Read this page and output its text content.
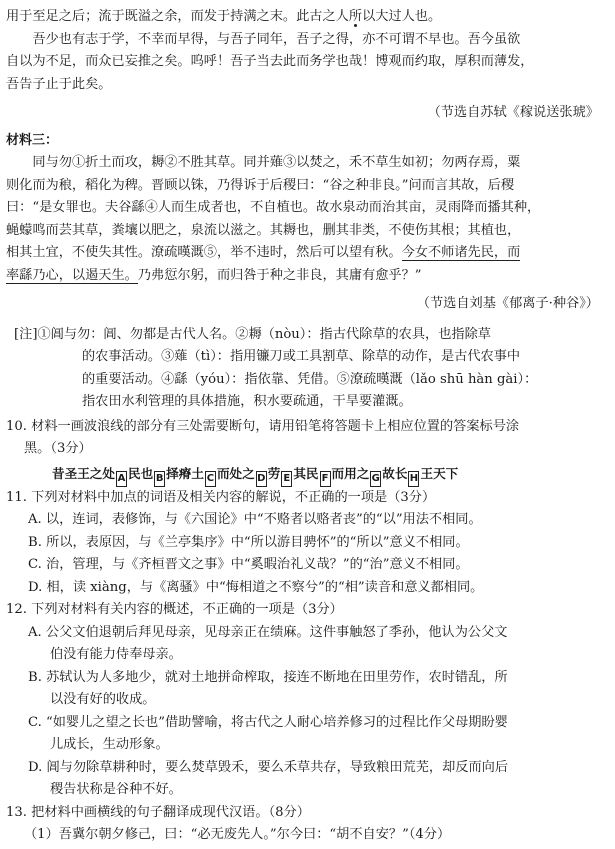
用于至足之后；流于既溢之余，而发于持满之末。此古之人所以大过人也。

吾少也有志于学，不幸而早得，与吾子同年，吾子之得，亦不可谓不早也。吾今虽欲

自以为不足，而众已妄推之矣。呜呼！吾子当去此而务学也哉！博观而约取，厚积而薄发，

吾告子止于此矣。

（节选自苏轼《稼说送张琥》

材料三：

同与勿①折土而攻，耨②不胜其草。同并薙③以焚之，禾不草生如初；勿两存焉，粟

则化而为稂，稻化为稗。晋顾以铢，乃得诉于后稷曰：“谷之种非良。”问而言其故，后稷

曰：“是女罪也。夫谷繇④人而生成者也，不自植也。故水泉动而治其亩，灵雨降而播其种，

蝇蠓鸣而芸其草，粪壤以肥之，泉流以滋之。其耨也，删其非类，不使伤其根；其植也，

相其土宜，不使失其性。潦疏暵溉⑤，举不违时，然后可以望有秋。今女不师诸先民，而

率繇乃心，以遏天生。乃弗愆尔躬，而归咎于种之非良，其庸有愈乎？”

（节选自刘基《郁离子·种谷》）

[注]①阊与勿：阊、勿都是古代人名。②耨（nòu）：指古代除草的农具，也指除草
的农事活动。③薙（tì）：指用镰刀或工具割草、除草的动作，是古代农事中
的重要活动。④繇（yóu）：指依靠、凭借。⑤潦疏暵溉（lǎo shū hàn gài）：
指农田水利管理的具体措施，积水要疏通，干旱要灌溉。

10. 材料一画波浪线的部分有三处需要断句，请用铅笔将答题卡上相应位置的答案标号涂

黑。（3分）

昔圣王之处 A 民也 B 择瘠土 C 而处之 D 劳 E 其民 F 而用之 G 故长 H 王天下

11. 下列对材料中加点的词语及相关内容的解说，不正确的一项是（3分）

A. 以，连词，表修饰，与《六国论》中“不赂者以赂者丧”的“以”用法不相同。

B. 所以，表原因，与《兰亭集序》中“所以游目骋怀”的“所以”意义不相同。

C. 治，管理，与《齐桓晋文之事》中“奚暇治礼义哉？”的“治”意义不相同。

D. 相，读 xiàng，与《离骚》中“悔相道之不察兮”的“相”读音和意义都相同。

12. 下列对材料有关内容的概述，不正确的一项是（3分）

A. 公父文伯退朝后拜见母亲，见母亲正在绩麻。这件事触怒了季孙，他认为公父文

伯没有能力侍奉母亲。

B. 苏轼认为人多地少，就对土地拼命榨取，接连不断地在田里劳作，农时错乱，所

以没有好的收成。

C. “如婴儿之望之长也”借助譬喻，将古代之人耐心培养修习的过程比作父母期盼婴

儿成长，生动形象。

D. 阊与勿除草耕种时，要么焚草毁禾，要么禾草共存，导致粮田荒芜，却反而向后

稷告状称是谷种不好。

13. 把材料中画横线的句子翻译成现代汉语。（8分）

（1）吾冀尔朝夕修己，曰：“必无废先人。”尔今曰：“胡不自安？”（4分）
